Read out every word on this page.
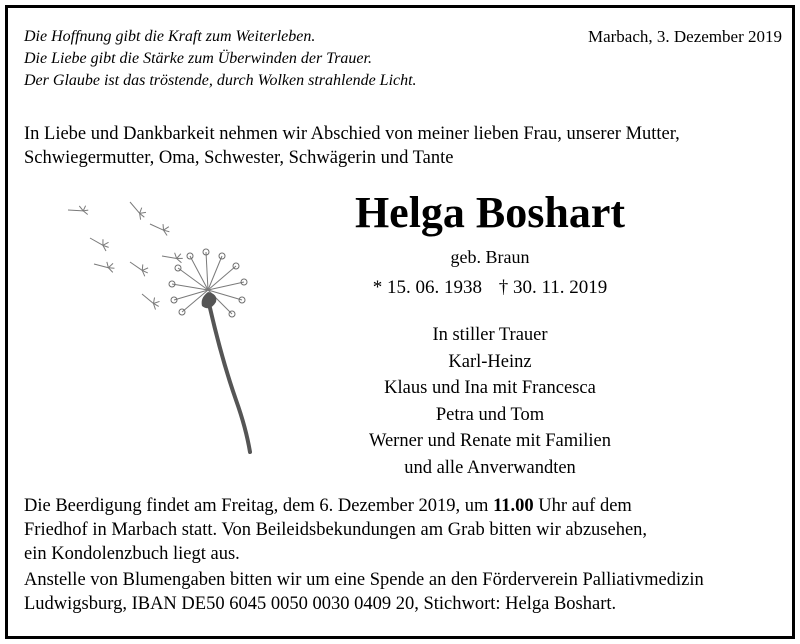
Die Hoffnung gibt die Kraft zum Weiterleben.
Die Liebe gibt die Stärke zum Überwinden der Trauer.
Der Glaube ist das tröstende, durch Wolken strahlende Licht.
Marbach, 3. Dezember 2019
In Liebe und Dankbarkeit nehmen wir Abschied von meiner lieben Frau, unserer Mutter,
Schwiegermutter, Oma, Schwester, Schwägerin und Tante
Helga Boshart
geb. Braun
* 15. 06. 1938 † 30. 11. 2019
In stiller Trauer
Karl-Heinz
Klaus und Ina mit Francesca
Petra und Tom
Werner und Renate mit Familien
und alle Anverwandten
Die Beerdigung findet am Freitag, dem 6. Dezember 2019, um 11.00 Uhr auf dem
Friedhof in Marbach statt. Von Beileidsbekundungen am Grab bitten wir abzusehen,
ein Kondolenzbuch liegt aus.
Anstelle von Blumengaben bitten wir um eine Spende an den Förderverein Palliativmedizin
Ludwigsburg, IBAN DE50 6045 0050 0030 0409 20, Stichwort: Helga Boshart.
